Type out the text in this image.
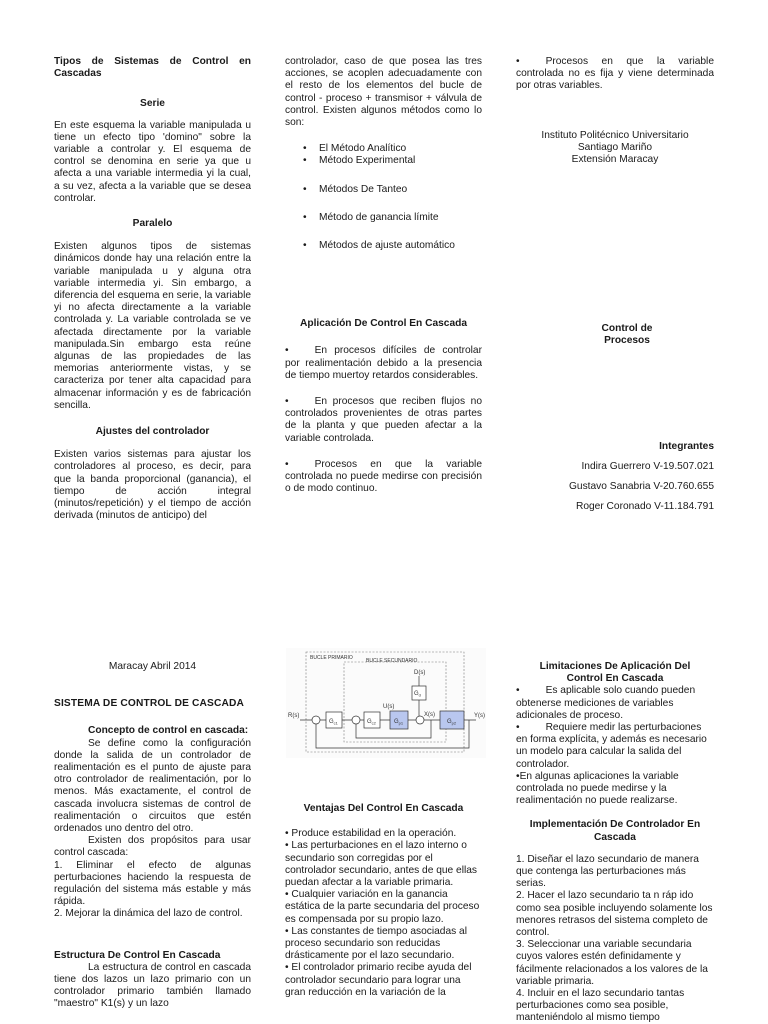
Tipos de Sistemas de Control en Cascadas

Serie

En este esquema la variable manipulada u tiene un efecto tipo 'domino" sobre la variable a controlar y. El esquema de control se denomina en serie ya que u afecta a una variable intermedia yi la cual, a su vez, afecta a la variable que se desea controlar.

Paralelo

Existen algunos tipos de sistemas dinámicos donde hay una relación entre la variable manipulada u y alguna otra variable intermedia yi. Sin embargo, a diferencia del esquema en serie, la variable yi no afecta directamente a la variable controlada y. La variable controlada se ve afectada directamente por la variable manipulada.Sin embargo esta reúne algunas de las propiedades de las memorias anteriormente vistas, y se caracteriza por tener alta capacidad para almacenar información y es de fabricación sencilla.

Ajustes del controlador

Existen varios sistemas para ajustar los controladores al proceso, es decir, para que la banda proporcional (ganancia), el tiempo de acción integral (minutos/repetición) y el tiempo de acción derivada (minutos de anticipo) del

controlador, caso de que posea las tres acciones, se acoplen adecuadamente con el resto de los elementos del bucle de control - proceso + transmisor + válvula de control. Existen algunos métodos como lo son:

• El Método Analítico
• Método Experimental
• Métodos De Tanteo
• Método de ganancia límite
• Métodos de ajuste automático

Aplicación De Control En Cascada

•	En procesos difíciles de controlar por realimentación debido a la presencia de tiempo muertoy retardos considerables.

•	En procesos que reciben flujos no controlados provenientes de otras partes de la planta y que pueden afectar a la variable controlada.

•	Procesos en que la variable controlada no puede medirse con precisión o de modo continuo.

•	Procesos en que la variable controlada no es fija y viene determinada por otras variables.

Instituto Politécnico Universitario

Santiago Mariño

Extensión Maracay

Control de

Procesos

Integrantes

Indira Guerrero V-19.507.021

Gustavo Sanabria V-20.760.655

Roger Coronado V-11.184.791

Maracay Abril 2014

SISTEMA DE CONTROL DE CASCADA

Concepto de control en cascada:

Se define como la configuración donde la salida de un controlador de realimentación es el punto de ajuste para otro controlador de realimentación, por lo menos. Más exactamente, el control de cascada involucra sistemas de control de realimentación o circuitos que estén ordenados uno dentro del otro.

Existen dos propósitos para usar control cascada:

1. Eliminar el efecto de algunas perturbaciones haciendo la respuesta de regulación del sistema más estable y más rápida.

2. Mejorar la dinámica del lazo de control.

Estructura De Control En Cascada

La estructura de control en cascada tiene dos lazos un lazo primario con un controlador primario también llamado "maestro" K1(s) y un lazo

BUCLE PRIMARIO	BUCLE SECUNDARIO
R(s)	Y(s)
$G_{c1}$	$G_{c2}$	$G_{p1}$	$G_{p2}$
$G_d$
D(s)
U(s)
X(s)

Ventajas Del Control En Cascada

• Produce estabilidad en la operación.
• Las perturbaciones en el lazo interno o secundario son corregidas por el controlador secundario, antes de que ellas puedan afectar a la variable primaria.
• Cualquier variación en la ganancia estática de la parte secundaria del proceso es compensada por su propio lazo.
• Las constantes de tiempo asociadas al proceso secundario son reducidas drásticamente por el lazo secundario.
• El controlador primario recibe ayuda del controlador secundario para lograr una gran reducción en la variación de la

Limitaciones De Aplicación Del Control En Cascada

•	Es aplicable solo cuando pueden obtenerse mediciones de variables adicionales de proceso.

•	Requiere medir las perturbaciones en forma explícita, y además es necesario un modelo para calcular la salida del controlador.

•En algunas aplicaciones la variable controlada no puede medirse y la realimentación no puede realizarse.

Implementación De Controlador En Cascada

1. Diseñar el lazo secundario de manera que contenga las perturbaciones más serias.
2. Hacer el lazo secundario ta n ráp ido como sea posible incluyendo solamente los menores retrasos del sistema completo de control.
3. Seleccionar una variable secundaria cuyos valores estén definidamente y fácilmente relacionados a los valores de la variable primaria.
4. Incluir en el lazo secundario tantas perturbaciones como sea posible, manteniéndolo al mismo tiempo
